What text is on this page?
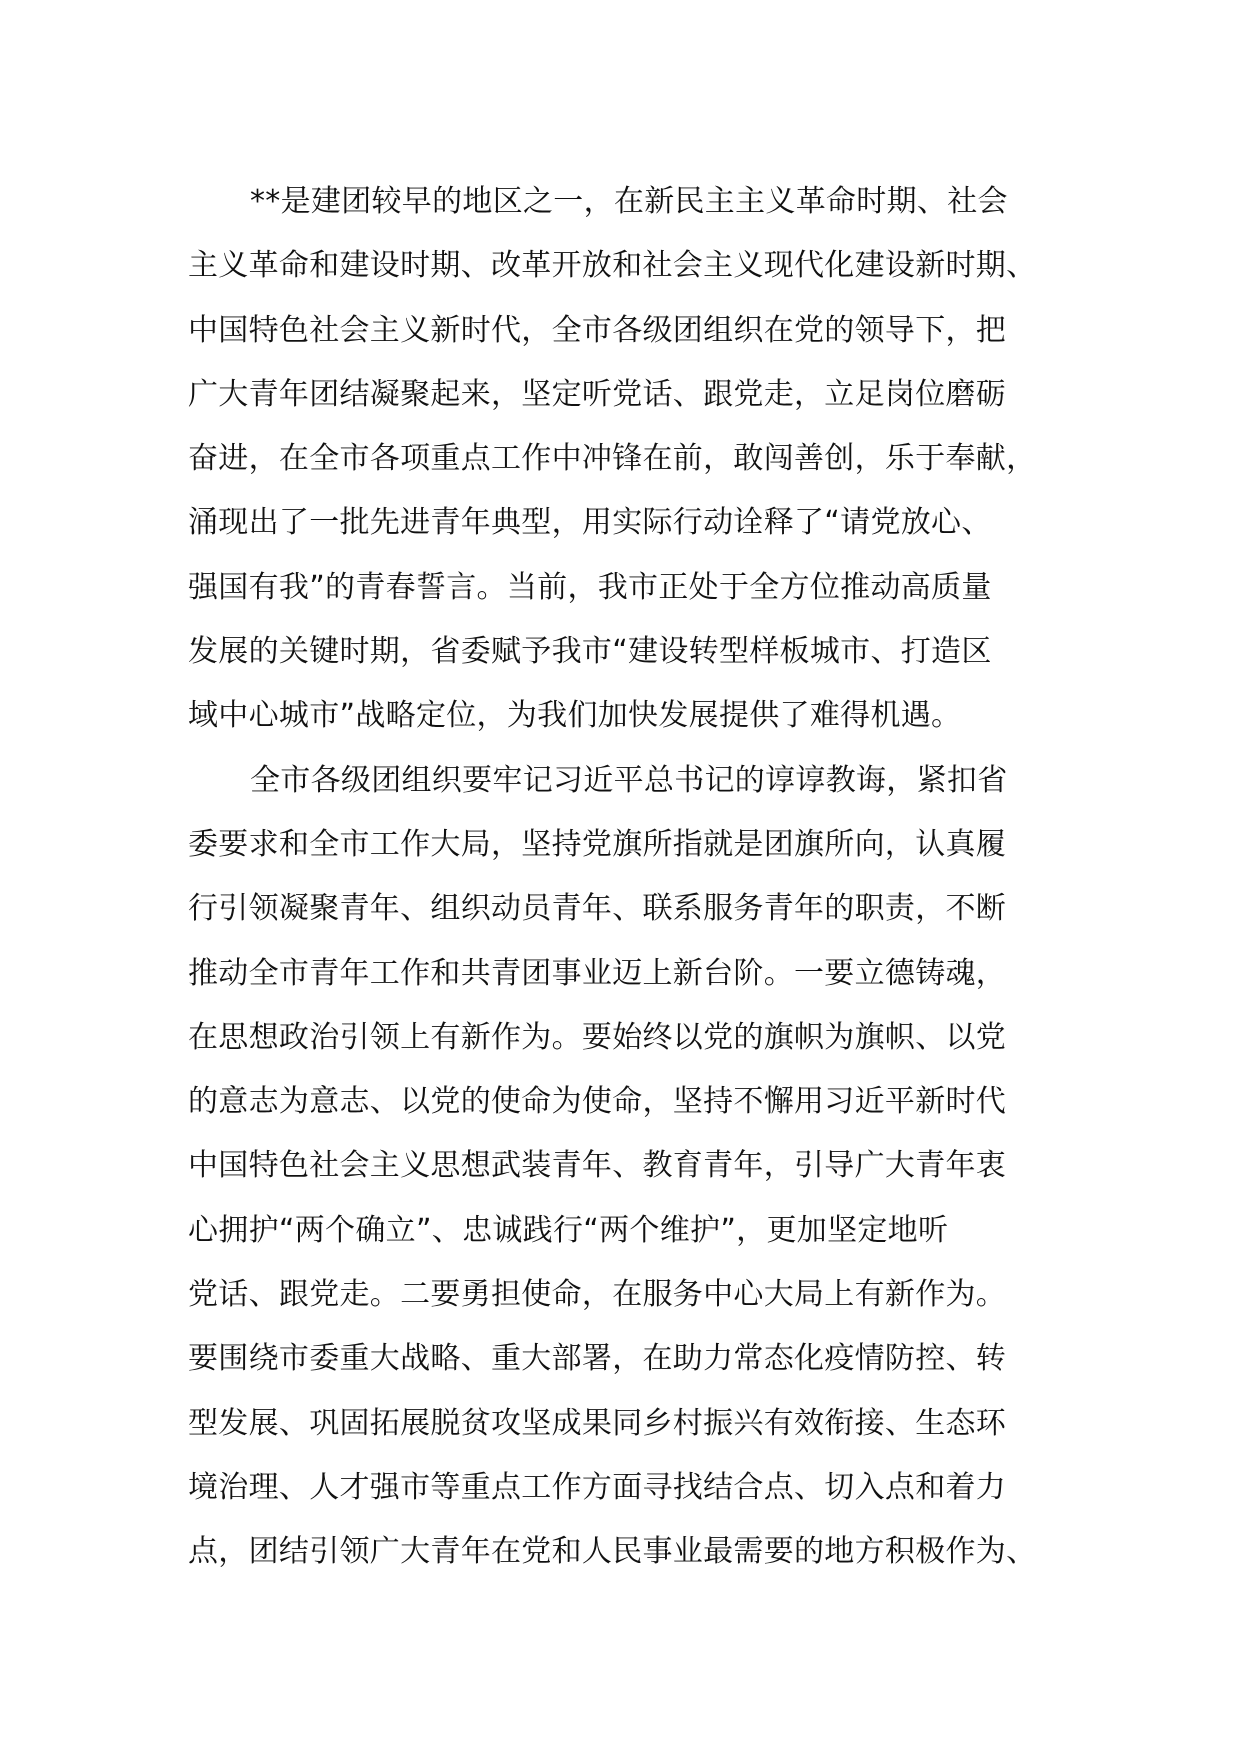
**是建团较早的地区之一，在新民主主义革命时期、社会
主义革命和建设时期、改革开放和社会主义现代化建设新时期、
中国特色社会主义新时代，全市各级团组织在党的领导下，把
广大青年团结凝聚起来，坚定听党话、跟党走，立足岗位磨砺
奋进，在全市各项重点工作中冲锋在前，敢闯善创，乐于奉献，
涌现出了一批先进青年典型，用实际行动诠释了“请党放心、
强国有我”的青春誓言。当前，我市正处于全方位推动高质量
发展的关键时期，省委赋予我市“建设转型样板城市、打造区
域中心城市”战略定位，为我们加快发展提供了难得机遇。
全市各级团组织要牢记习近平总书记的谆谆教诲，紧扣省
委要求和全市工作大局，坚持党旗所指就是团旗所向，认真履
行引领凝聚青年、组织动员青年、联系服务青年的职责，不断
推动全市青年工作和共青团事业迈上新台阶。一要立德铸魂，
在思想政治引领上有新作为。要始终以党的旗帜为旗帜、以党
的意志为意志、以党的使命为使命，坚持不懈用习近平新时代
中国特色社会主义思想武装青年、教育青年，引导广大青年衷
心拥护“两个确立”、忠诚践行“两个维护”，更加坚定地听
党话、跟党走。二要勇担使命，在服务中心大局上有新作为。
要围绕市委重大战略、重大部署，在助力常态化疫情防控、转
型发展、巩固拓展脱贫攻坚成果同乡村振兴有效衔接、生态环
境治理、人才强市等重点工作方面寻找结合点、切入点和着力
点，团结引领广大青年在党和人民事业最需要的地方积极作为、
